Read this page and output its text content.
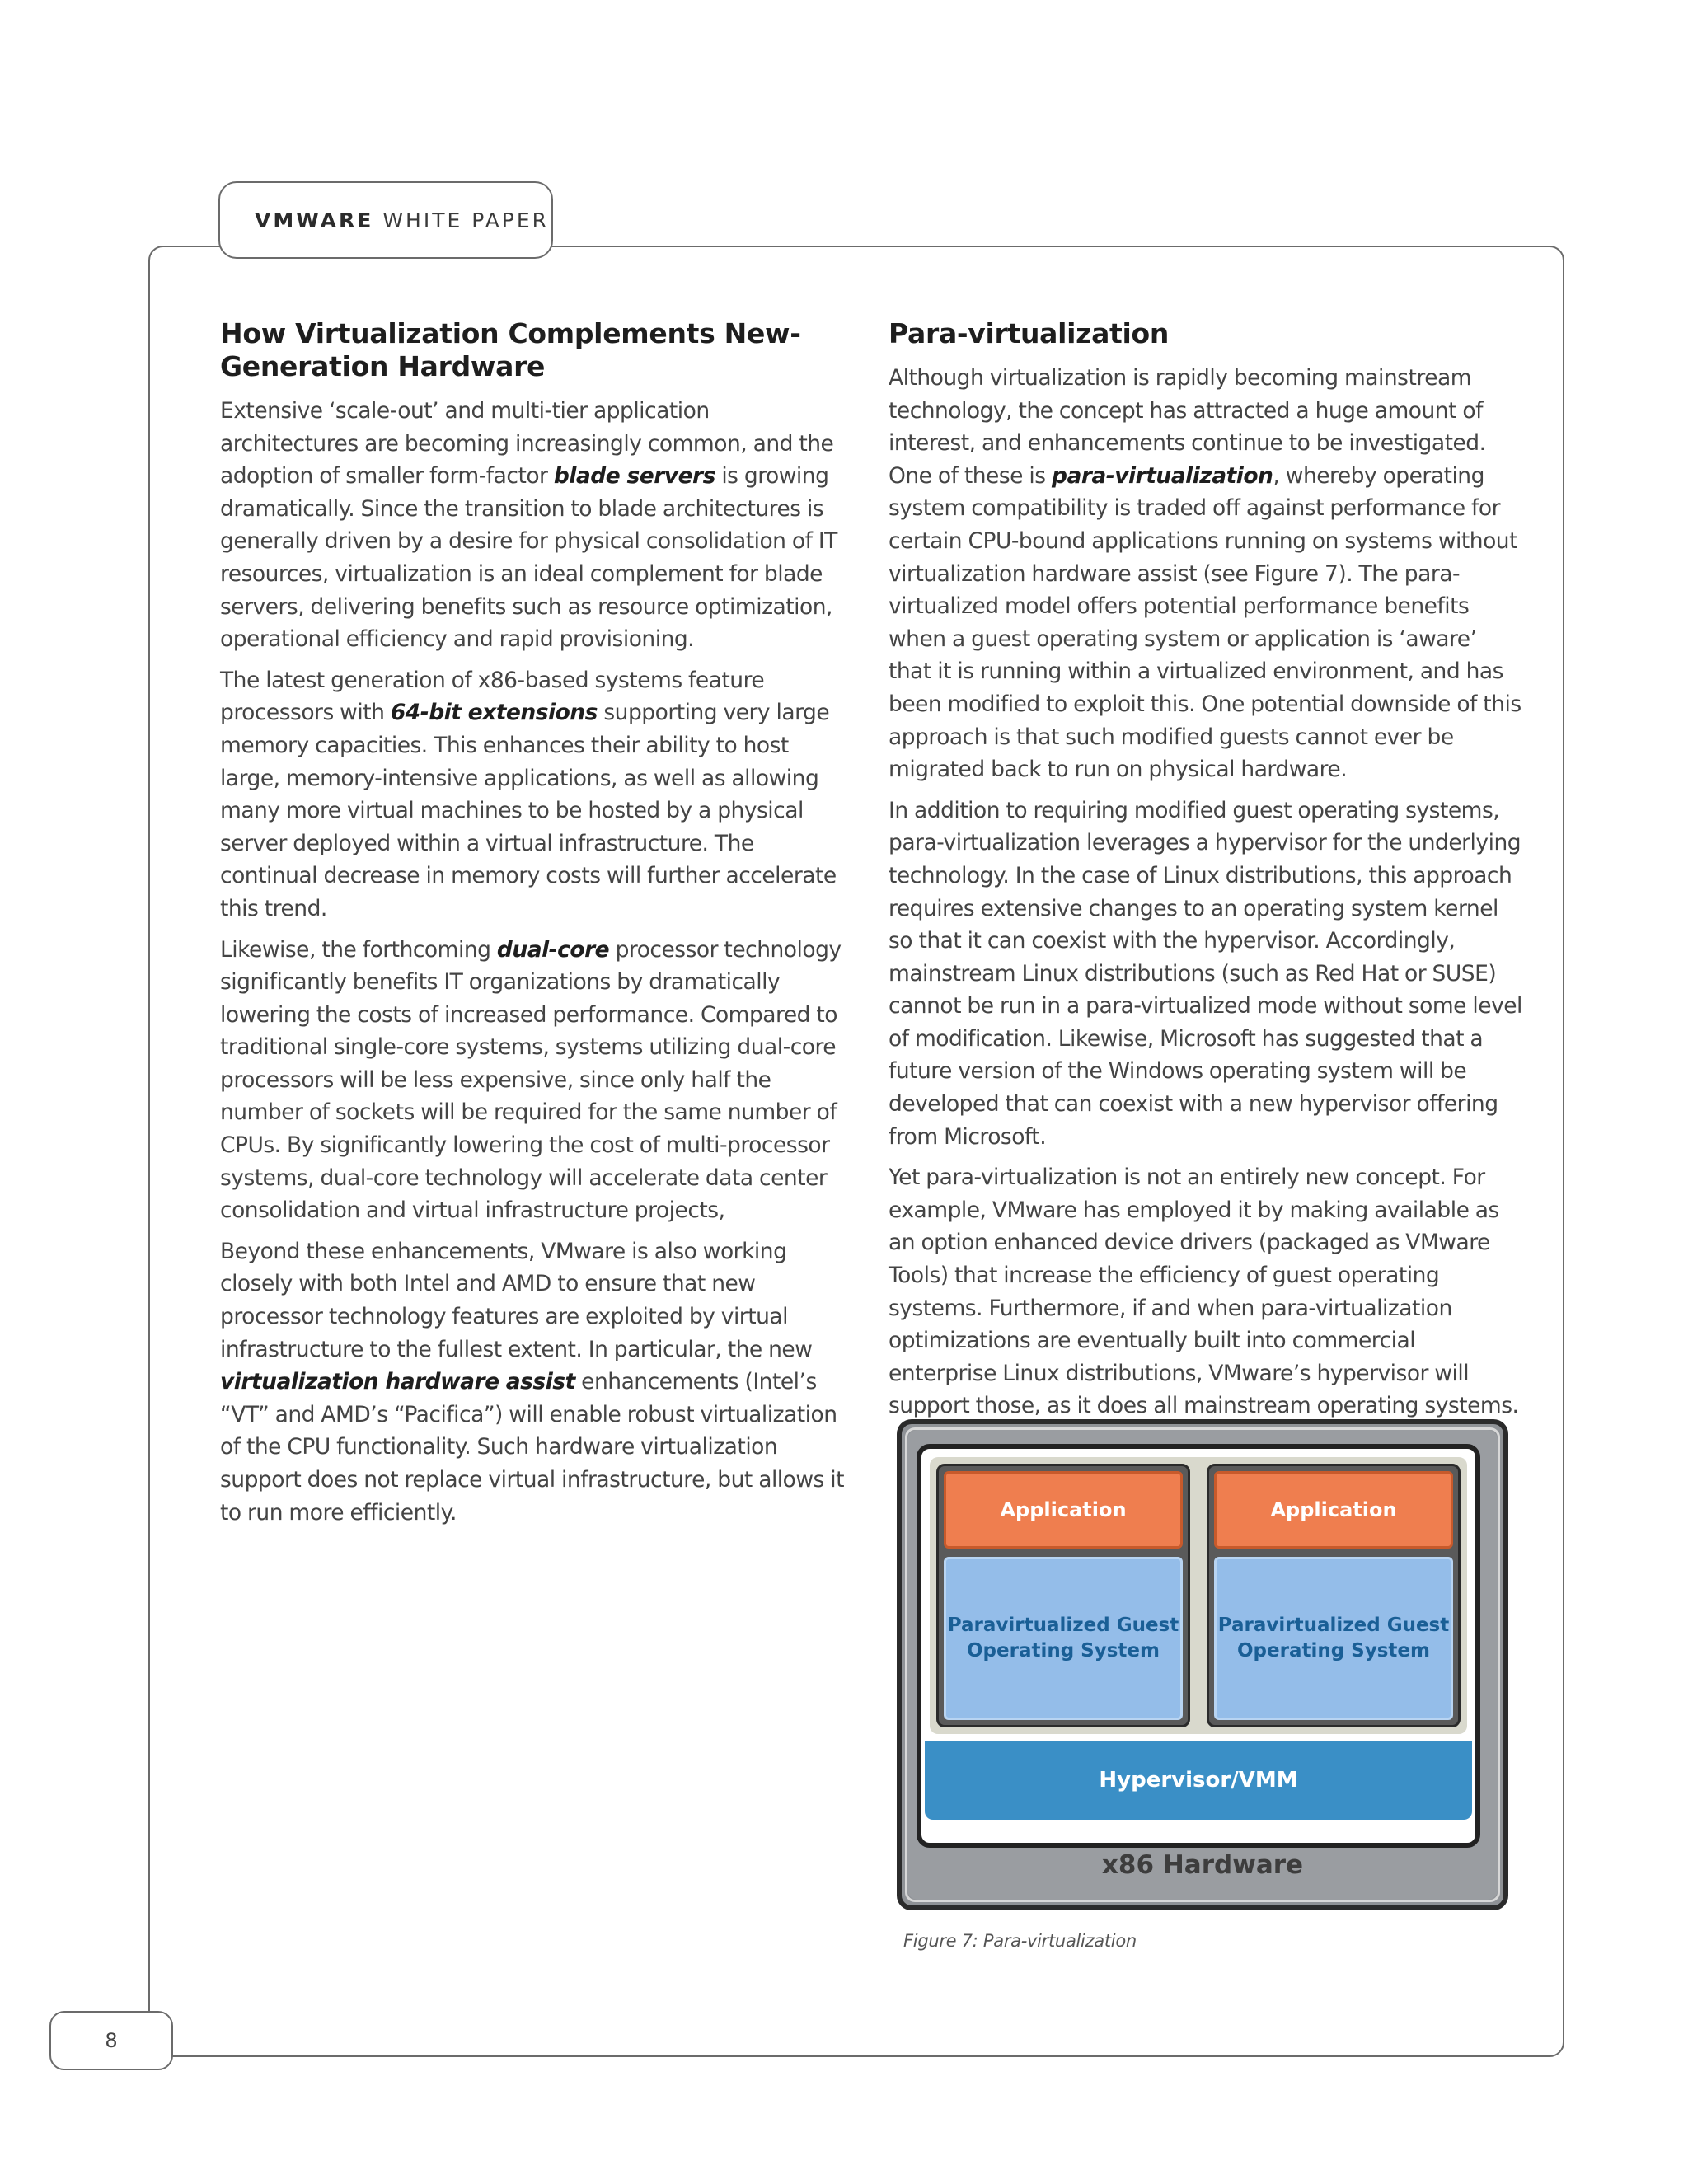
VMWARE
WHITE PAPER
How Virtualization Complements New-Generation Hardware

Extensive ‘scale-out’ and multi-tier application architectures are becoming increasingly common, and the adoption of smaller form-factor blade servers is growing dramatically. Since the transition to blade architectures is generally driven by a desire for physical consolidation of IT resources, virtualization is an ideal complement for blade servers, delivering benefits such as resource optimization, operational efficiency and rapid provisioning.

The latest generation of x86-based systems feature processors with 64-bit extensions supporting very large memory capacities. This enhances their ability to host large, memory-intensive applications, as well as allowing many more virtual machines to be hosted by a physical server deployed within a virtual infrastructure. The continual decrease in memory costs will further accelerate this trend.

Likewise, the forthcoming dual-core processor technology significantly benefits IT organizations by dramatically lowering the costs of increased performance. Compared to traditional single-core systems, systems utilizing dual-core processors will be less expensive, since only half the number of sockets will be required for the same number of CPUs. By significantly lowering the cost of multi-processor systems, dual-core technology will accelerate data center consolidation and virtual infrastructure projects,

Beyond these enhancements, VMware is also working closely with both Intel and AMD to ensure that new processor technology features are exploited by virtual infrastructure to the fullest extent. In particular, the new virtualization hardware assist enhancements (Intel’s “VT” and AMD’s “Pacifica”) will enable robust virtualization of the CPU functionality. Such hardware virtualization support does not replace virtual infrastructure, but allows it to run more efficiently.

Para-virtualization

Although virtualization is rapidly becoming mainstream technology, the concept has attracted a huge amount of interest, and enhancements continue to be investigated. One of these is para-virtualization, whereby operating system compatibility is traded off against performance for certain CPU-bound applications running on systems without virtualization hardware assist (see Figure 7). The para-virtualized model offers potential performance benefits when a guest operating system or application is ‘aware’ that it is running within a virtualized environment, and has been modified to exploit this. One potential downside of this approach is that such modified guests cannot ever be migrated back to run on physical hardware.

In addition to requiring modified guest operating systems, para-virtualization leverages a hypervisor for the underlying technology. In the case of Linux distributions, this approach requires extensive changes to an operating system kernel so that it can coexist with the hypervisor. Accordingly, mainstream Linux distributions (such as Red Hat or SUSE) cannot be run in a para-virtualized mode without some level of modification. Likewise, Microsoft has suggested that a future version of the Windows operating system will be developed that can coexist with a new hypervisor offering from Microsoft.

Yet para-virtualization is not an entirely new concept. For example, VMware has employed it by making available as an option enhanced device drivers (packaged as VMware Tools) that increase the efficiency of guest operating systems. Furthermore, if and when para-virtualization optimizations are eventually built into commercial enterprise Linux distributions, VMware’s hypervisor will support those, as it does all mainstream operating systems.

Application
Paravirtualized Guest
Operating System
Application
Paravirtualized Guest
Operating System
Hypervisor/VMM
x86 Hardware
Figure 7: Para-virtualization
8
